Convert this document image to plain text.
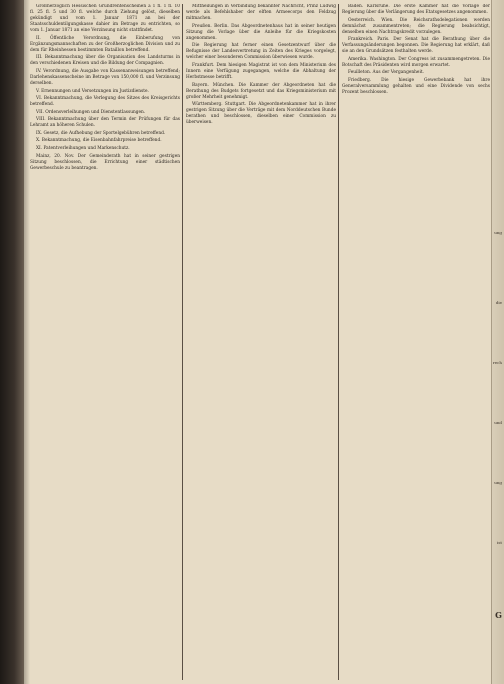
Großherzoglich Hessischen Grundrentenscheinen à 1 fl. 1 fl. 10 fl. 25 fl. 5 und 30 fl. welche durch Ziehung gelöst, dieselben gekündigt und vom 1. Januar 1871 an bei der Staatsschuldentilgungskasse dahier im Betrage zu entrichten, so vom 1. Januar 1871 an eine Verzinsung nicht stattfindet.

II. Öffentliche Verordnung, die Einberufung von Ergänzungsmannschaften zu der Großherzoglichen Division und zu dem für Rheinhessen bestimmten Bataillon betreffend.

III. Bekanntmachung über die Organisation des Landsturms in den verschiedenen Kreisen und die Bildung der Compagnien.

IV. Verordnung, die Ausgabe von Kassenanweisungen betreffend; Darlehenskassenscheine im Betrage von 150,000 fl. und Verzinsung derselben.

V. Ernennungen und Versetzungen im Justizdienste.

VI. Bekanntmachung, die Verlegung des Sitzes des Kreisgerichts betreffend.

VII. Ordensverleihungen und Dienstentlassungen.

VIII. Bekanntmachung über den Termin der Prüfungen für das Lehramt an höheren Schulen.

IX. Gesetz, die Aufhebung der Sportelgebühren betreffend.

X. Bekanntmachung, die Eisenbahnfahrpreise betreffend.

XI. Patentverleihungen und Markenschutz.

Mainz, 20. Nov. Der Gemeinderath hat in seiner gestrigen Sitzung beschlossen, die Errichtung einer städtischen Gewerbeschule zu beantragen.

Mittheilungen in Verbindung bekannter Nachricht, Prinz Ludwig werde als Befehlshaber der elften Armeecorps den Feldzug mitmachen.

Preußen. Berlin. Das Abgeordnetenhaus hat in seiner heutigen Sitzung die Vorlage über die Anleihe für die Kriegskosten angenommen.

Die Regierung hat ferner einen Gesetzentwurf über die Befugnisse der Landesvertretung in Zeiten des Krieges vorgelegt, welcher einer besonderen Commission überwiesen wurde.

Frankfurt. Dem hiesigen Magistrat ist von dem Ministerium des Innern eine Verfügung zugegangen, welche die Abhaltung der Herbstmesse betrifft.

Bayern. München. Die Kammer der Abgeordneten hat die Berathung des Budgets fortgesetzt und das Kriegsministerium mit großer Mehrheit genehmigt.

Württemberg. Stuttgart. Die Abgeordnetenkammer hat in ihrer gestrigen Sitzung über die Verträge mit dem Norddeutschen Bunde berathen und beschlossen, dieselben einer Commission zu überweisen.

Baden. Karlsruhe. Die erste Kammer hat die Vorlage der Regierung über die Verlängerung des Etatsgesetzes angenommen.

Oesterreich. Wien. Die Reichsrathsdelegationen werden demnächst zusammentreten; die Regierung beabsichtigt, denselben einen Nachtragskredit vorzulegen.

Frankreich. Paris. Der Senat hat die Berathung über die Verfassungsänderungen begonnen. Die Regierung hat erklärt, daß sie an den Grundsätzen festhalten werde.

Amerika. Washington. Der Congress ist zusammengetreten. Die Botschaft des Präsidenten wird morgen erwartet.

Feuilleton. Aus der Vergangenheit.

Friedberg. Die hiesige Gewerbebank hat ihre Generalversammlung gehalten und eine Dividende von sechs Prozent beschlossen.

ung
die
rech
und
ung
ist
G
